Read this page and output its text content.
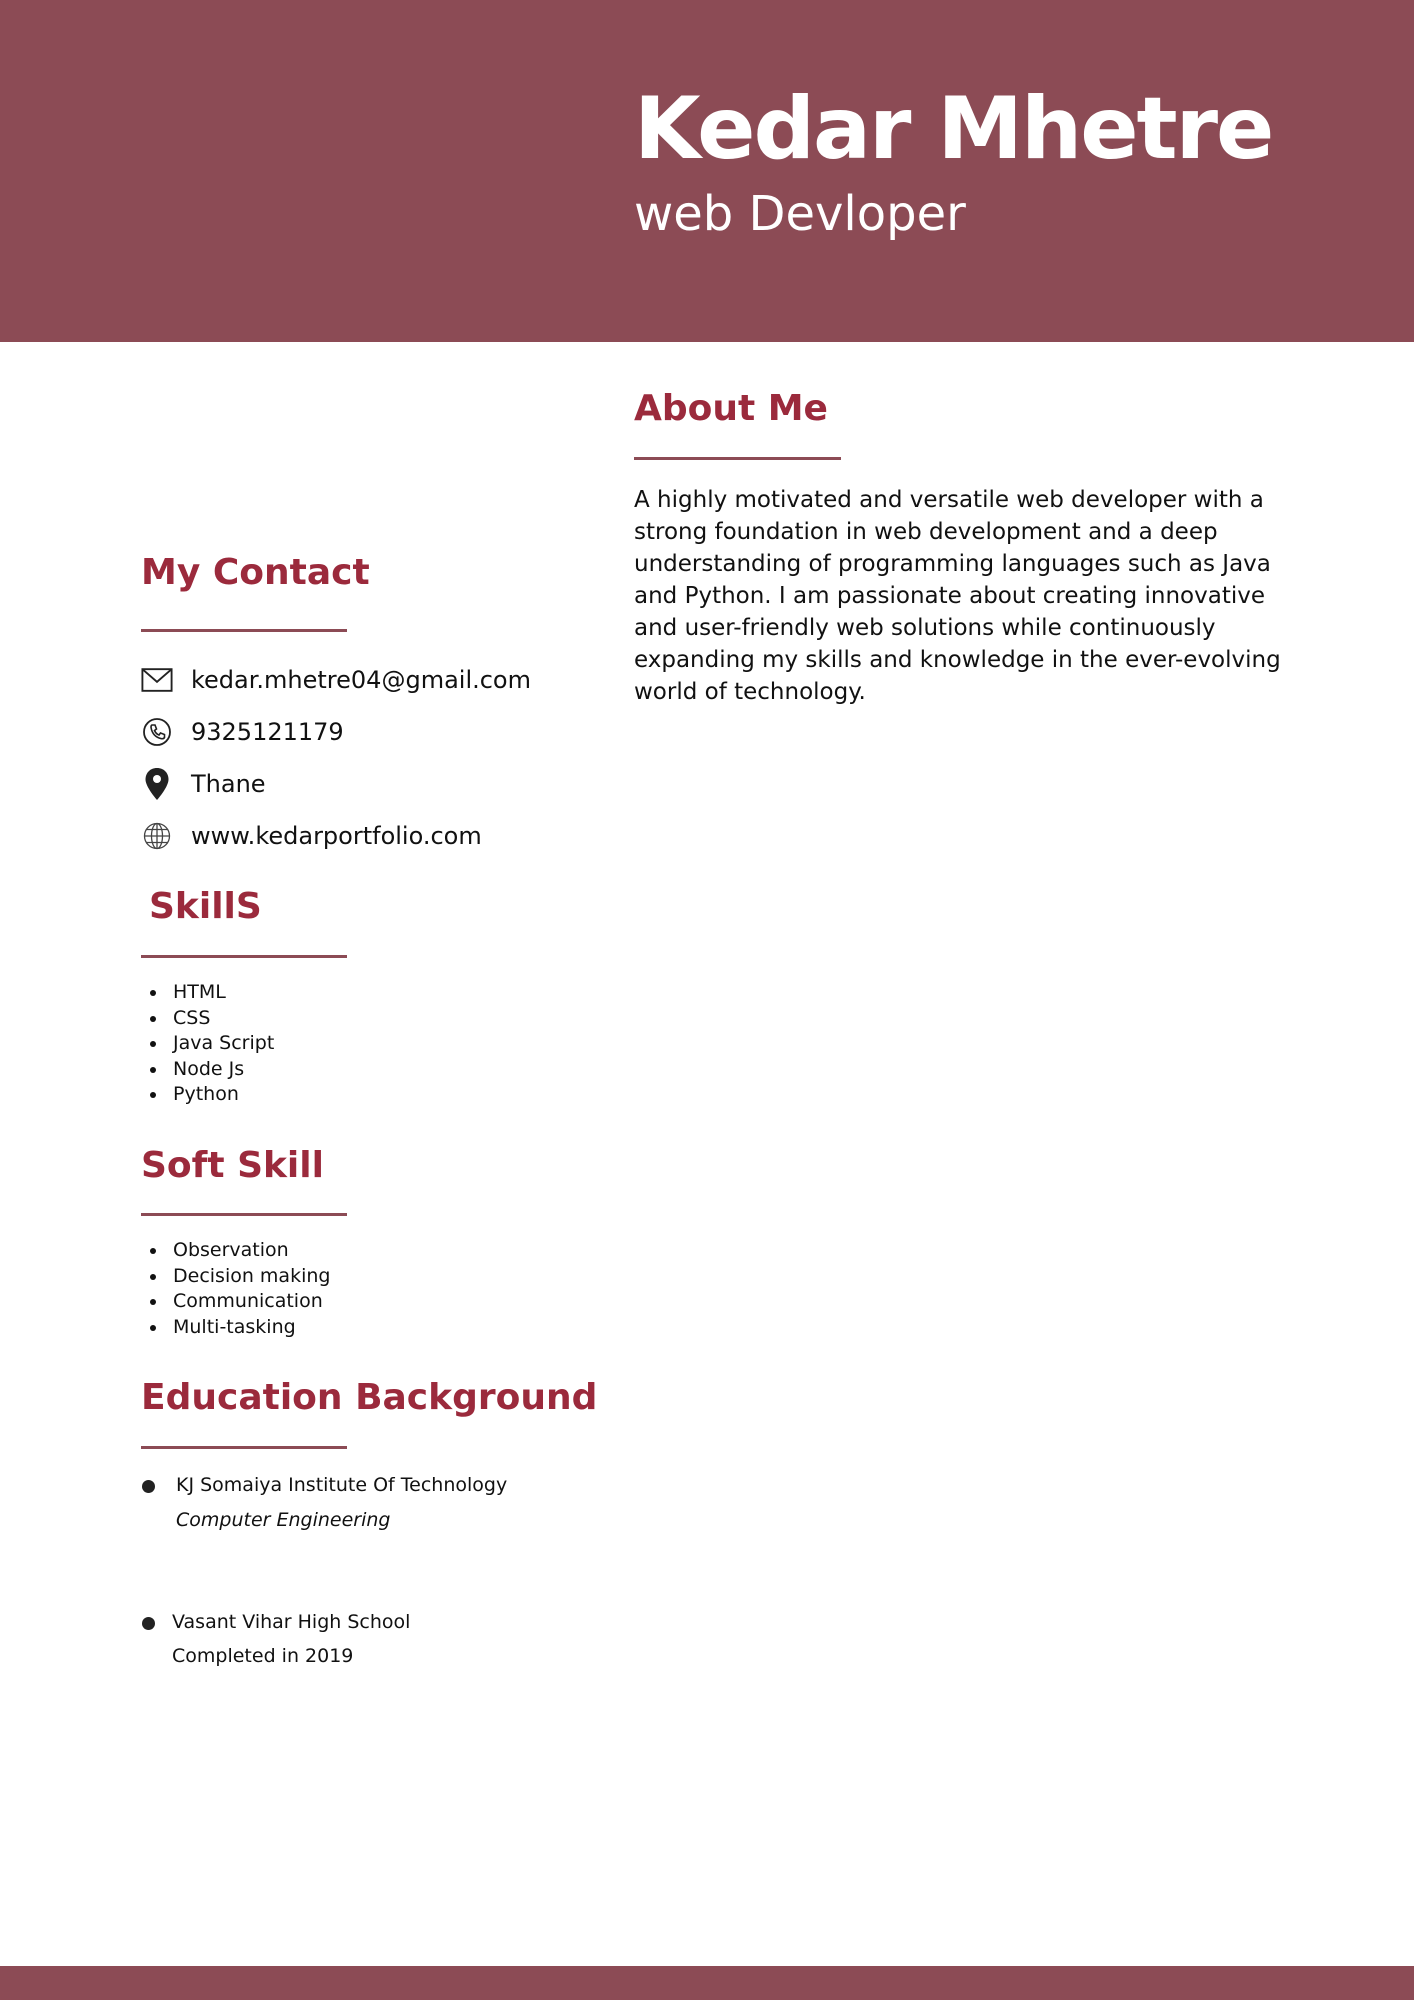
Kedar Mhetre
web Devloper
About Me
A highly motivated and versatile web developer with a strong foundation in web development and a deep understanding of programming languages such as Java and Python. I am passionate about creating innovative and user-friendly web solutions while continuously expanding my skills and knowledge in the ever-evolving world of technology.
My Contact
kedar.mhetre04@gmail.com
9325121179
Thane
www.kedarportfolio.com
SkillS
HTML
CSS
Java Script
Node Js
Python
Soft Skill
Observation
Decision making
Communication
Multi-tasking
Education Background
KJ Somaiya Institute Of Technology
Computer Engineering
Vasant Vihar High School
Completed in 2019
